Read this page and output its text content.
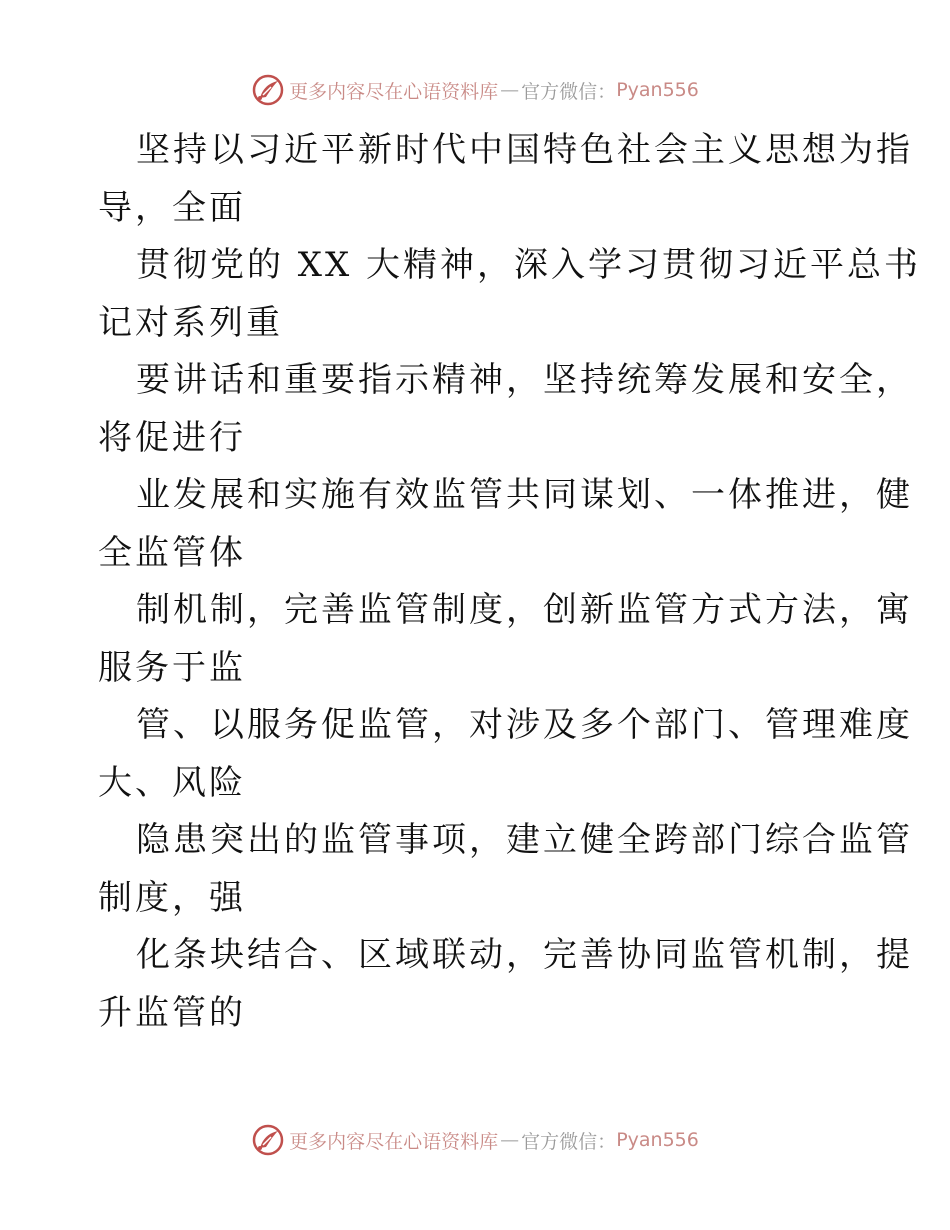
更多内容尽在心语资料库 — 官方微信： Pyan556
坚持以习近平新时代中国特色社会主义思想为指
导，全面
贯彻党的 XX 大精神，深入学习贯彻习近平总书
记对系列重
要讲话和重要指示精神，坚持统筹发展和安全，
将促进行
业发展和实施有效监管共同谋划、一体推进，健
全监管体
制机制，完善监管制度，创新监管方式方法，寓
服务于监
管、以服务促监管，对涉及多个部门、管理难度
大、风险
隐患突出的监管事项，建立健全跨部门综合监管
制度，强
化条块结合、区域联动，完善协同监管机制，提
升监管的
更多内容尽在心语资料库 — 官方微信： Pyan556
